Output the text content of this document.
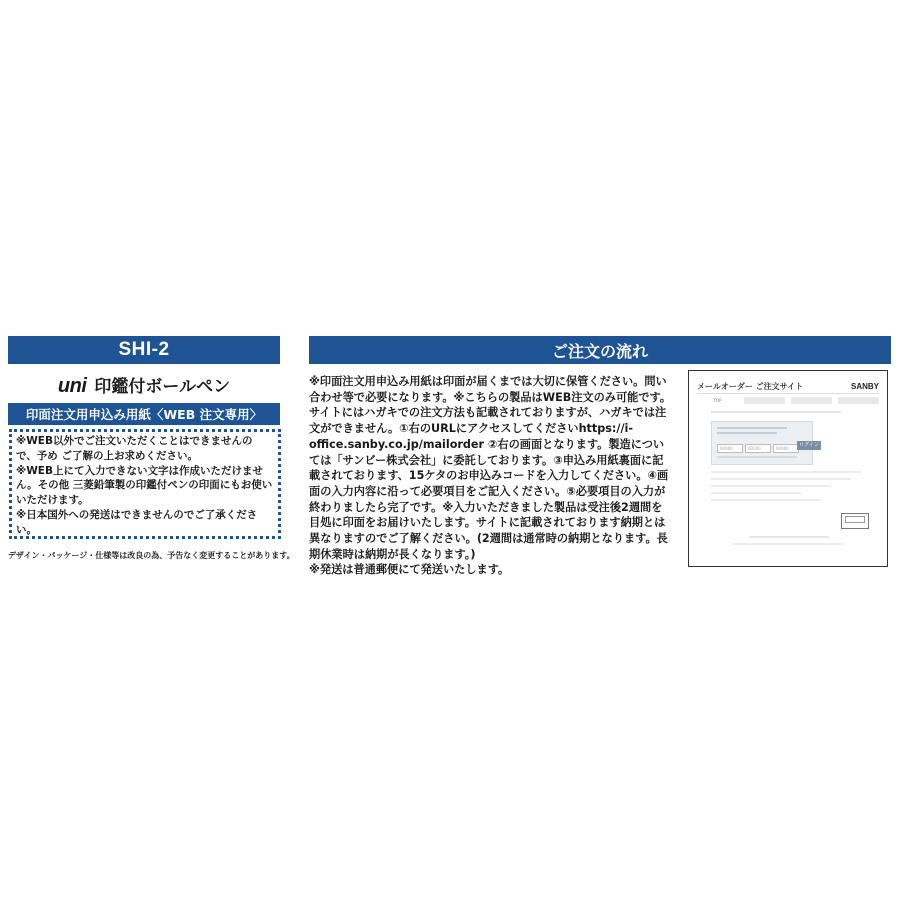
SHI-2
uni 印鑑付ボールペン
印面注文用申込み用紙〈WEB 注文専用〉

※WEB以外でご注文いただくことはできませんので、予め ご了解の上お求めください。

※WEB上にて入力できない文字は作成いただけません。その他 三菱鉛筆製の印鑑付ペンの印面にもお使いいただけます。

※日本国外への発送はできませんのでご了承ください。

デザイン・パッケージ・仕様等は改良の為、予告なく変更することがあります。
ご注文の流れ

※印面注文用申込み用紙は印面が届くまでは大切に保管ください。問い合わせ等で必要になります。※こちらの製品はWEB注文のみ可能です。サイトにはハガキでの注文方法も記載されておりますが、ハガキでは注文ができません。①右のURLにアクセスしてくださいhttps://i-office.sanby.co.jp/mailorder ②右の画面となります。製造については「サンビー株式会社」に委託しております。③申込み用紙裏面に記載されております、15ケタのお申込みコードを入力してください。④画面の入力内容に沿って必要項目をご記入ください。⑤必要項目の入力が終わりましたら完了です。※入力いただきました製品は受注後2週間を目処に印面をお届けいたします。サイトに記載されております納期とは異なりますのでご了解ください。(2週間は通常時の納期となります。長期休業時は納期が長くなります。)

※発送は普通郵便にて発送いたします。

メールオーダー ご注文サイト	SANBY
TOP
00000	00000	00000
ログイン
